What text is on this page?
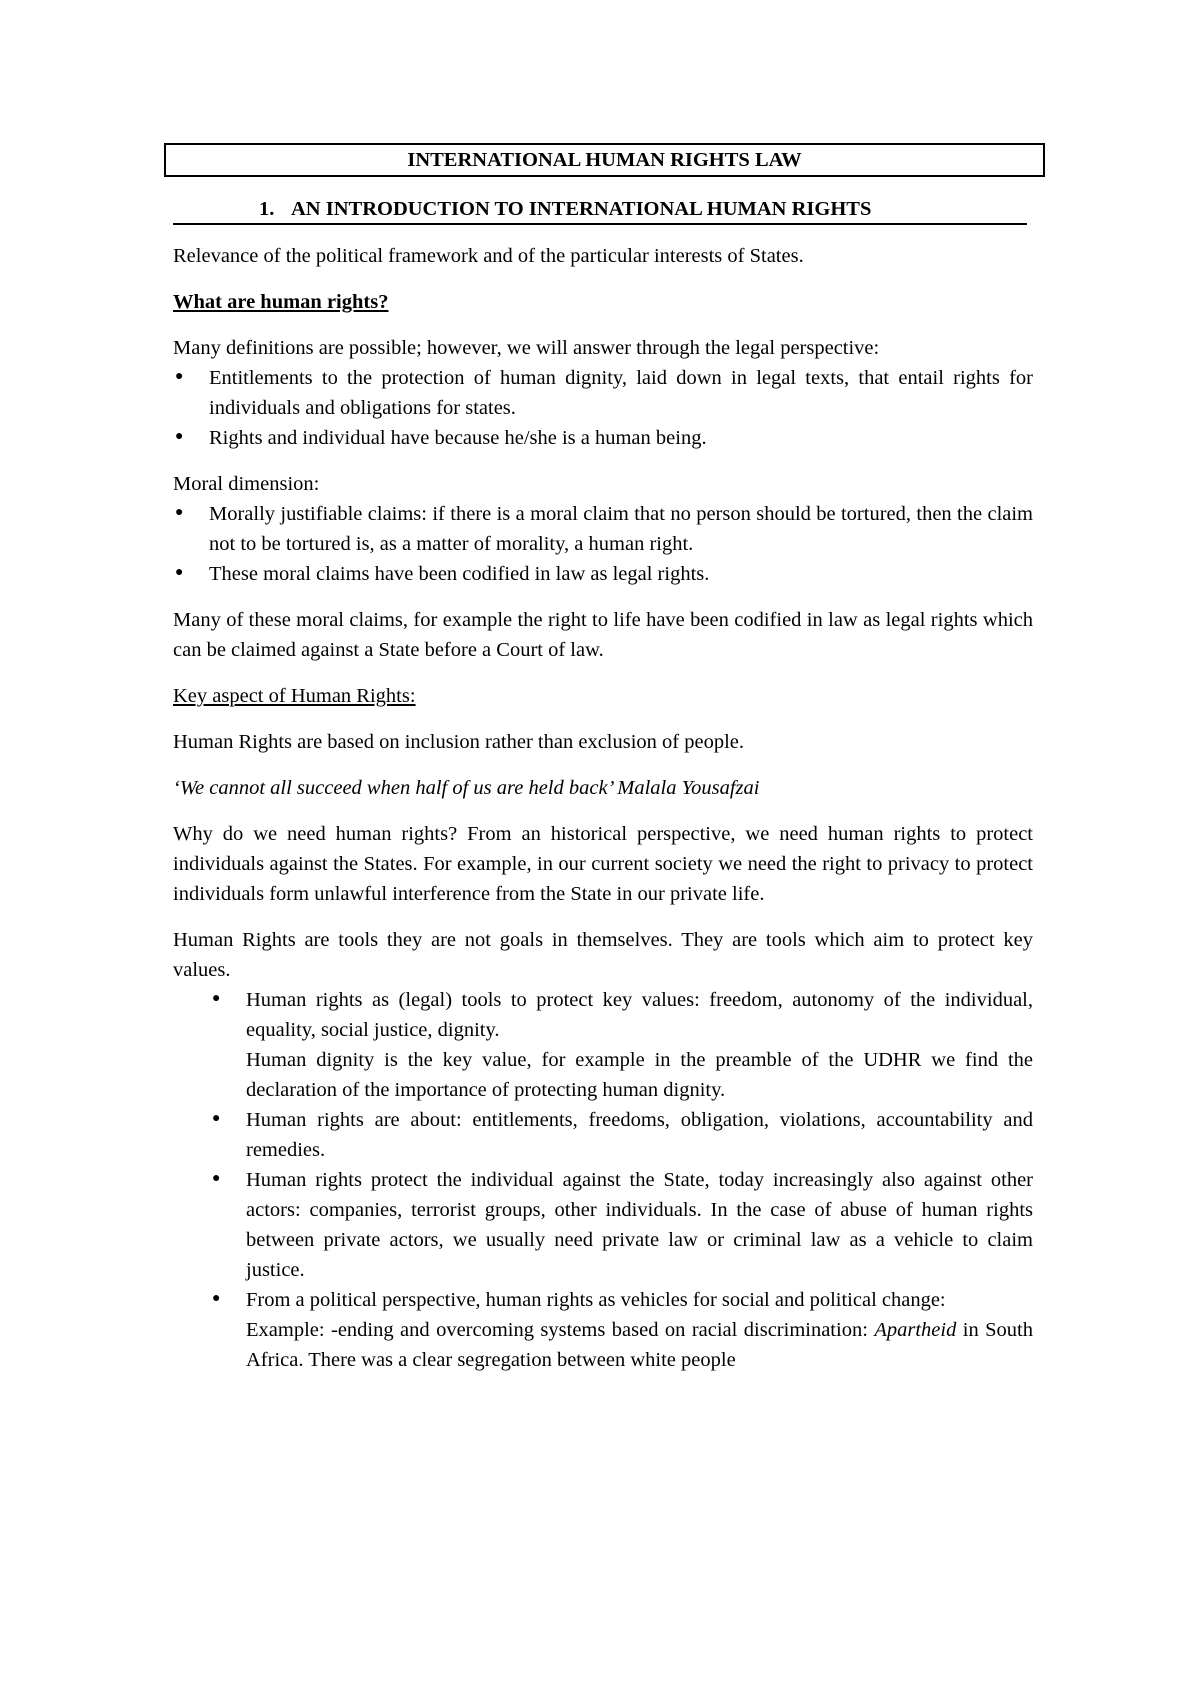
INTERNATIONAL HUMAN RIGHTS LAW
1. AN INTRODUCTION TO INTERNATIONAL HUMAN RIGHTS

Relevance of the political framework and of the particular interests of States.

What are human rights?

Many definitions are possible; however, we will answer through the legal perspective:

●
Entitlements to the protection of human dignity, laid down in legal texts, that entail rights for individuals and obligations for states.
●
Rights and individual have because he/she is a human being.

Moral dimension:

●
Morally justifiable claims: if there is a moral claim that no person should be tortured, then the claim not to be tortured is, as a matter of morality, a human right.
●
These moral claims have been codified in law as legal rights.

Many of these moral claims, for example the right to life have been codified in law as legal rights which can be claimed against a State before a Court of law.

Key aspect of Human Rights:

Human Rights are based on inclusion rather than exclusion of people.

‘We cannot all succeed when half of us are held back’ Malala Yousafzai

Why do we need human rights? From an historical perspective, we need human rights to protect individuals against the States. For example, in our current society we need the right to privacy to protect individuals form unlawful interference from the State in our private life.

Human Rights are tools they are not goals in themselves. They are tools which aim to protect key values.

●
Human rights as (legal) tools to protect key values: freedom, autonomy of the individual, equality, social justice, dignity.
Human dignity is the key value, for example in the preamble of the UDHR we find the declaration of the importance of protecting human dignity.
●
Human rights are about: entitlements, freedoms, obligation, violations, accountability and remedies.
●
Human rights protect the individual against the State, today increasingly also against other actors: companies, terrorist groups, other individuals. In the case of abuse of human rights between private actors, we usually need private law or criminal law as a vehicle to claim justice.
●
From a political perspective, human rights as vehicles for social and political change:
Example: -ending and overcoming systems based on racial discrimination: Apartheid in South Africa. There was a clear segregation between white people
